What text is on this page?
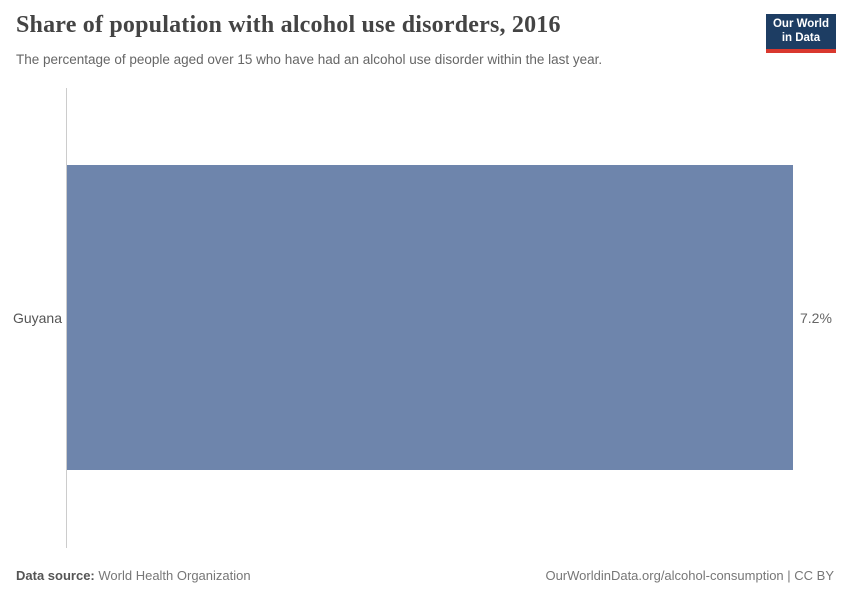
Share of population with alcohol use disorders, 2016

The percentage of people aged over 15 who have had an alcohol use disorder within the last year.

Our World
in Data
Guyana	7.2%
Data source: World Health Organization	OurWorldinData.org/alcohol-consumption | CC BY
